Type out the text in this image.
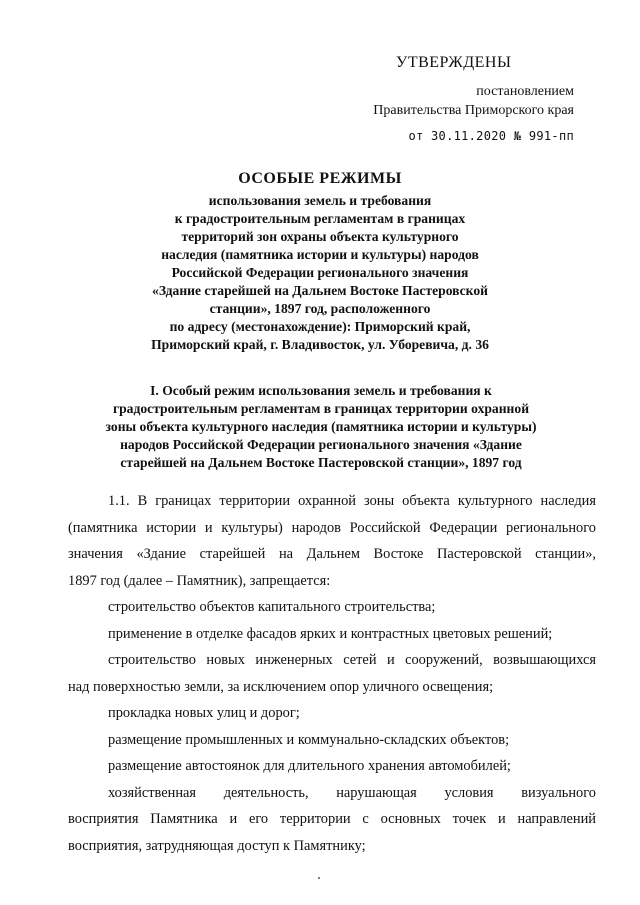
УТВЕРЖДЕНЫ
постановлением
Правительства Приморского края
от 30.11.2020 № 991-пп
ОСОБЫЕ РЕЖИМЫ
использования земель и требования
к градостроительным регламентам в границах
территорий зон охраны объекта культурного
наследия (памятника истории и культуры) народов
Российской Федерации регионального значения
«Здание старейшей на Дальнем Востоке Пастеровской
станции», 1897 год, расположенного
по адресу (местонахождение): Приморский край,
Приморский край, г. Владивосток, ул. Уборевича, д. 36
I. Особый режим использования земель и требования к
градостроительным регламентам в границах территории охранной
зоны объекта культурного наследия (памятника истории и культуры)
народов Российской Федерации регионального значения «Здание
старейшей на Дальнем Востоке Пастеровской станции», 1897 год

1.1. В границах территории охранной зоны объекта культурного наследия

(памятника истории и культуры) народов Российской Федерации регионального

значения «Здание старейшей на Дальнем Востоке Пастеровской станции»,

1897 год (далее – Памятник), запрещается:

строительство объектов капитального строительства;

применение в отделке фасадов ярких и контрастных цветовых решений;

строительство новых инженерных сетей и сооружений, возвышающихся

над поверхностью земли, за исключением опор уличного освещения;

прокладка новых улиц и дорог;

размещение промышленных и коммунально-складских объектов;

размещение автостоянок для длительного хранения автомобилей;

хозяйственная деятельность, нарушающая условия визуального

восприятия Памятника и его территории с основных точек и направлений

восприятия, затрудняющая доступ к Памятнику;
